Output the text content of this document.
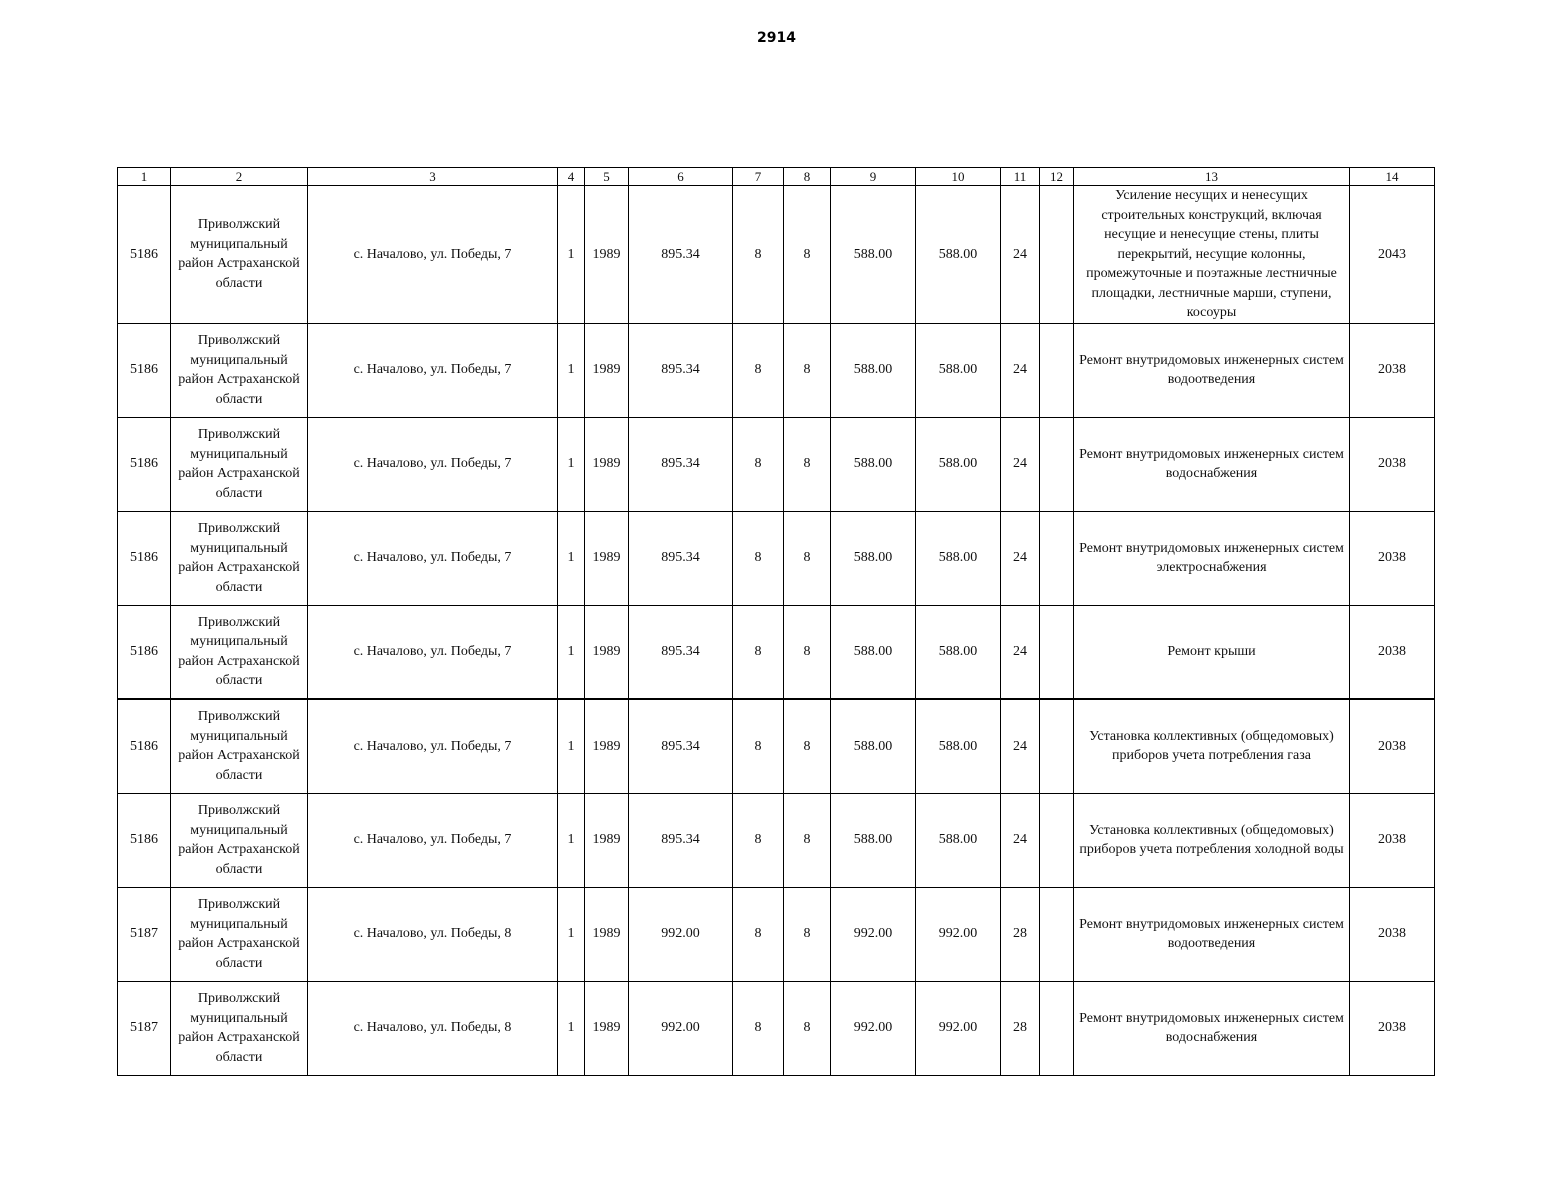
2914
1	2	3	4	5	6	7	8	9	10	11	12	13	14
5186	Приволжский муниципальный район Астраханской области	с. Началово, ул. Победы, 7	1	1989	895.34	8	8	588.00	588.00	24		Усиление несущих и ненесущих строительных конструкций, включая несущие и ненесущие стены, плиты перекрытий, несущие колонны, промежуточные и поэтажные лестничные площадки, лестничные марши, ступени, косоуры	2043
5186	Приволжский муниципальный район Астраханской области	с. Началово, ул. Победы, 7	1	1989	895.34	8	8	588.00	588.00	24		Ремонт внутридомовых инженерных систем водоотведения	2038
5186	Приволжский муниципальный район Астраханской области	с. Началово, ул. Победы, 7	1	1989	895.34	8	8	588.00	588.00	24		Ремонт внутридомовых инженерных систем водоснабжения	2038
5186	Приволжский муниципальный район Астраханской области	с. Началово, ул. Победы, 7	1	1989	895.34	8	8	588.00	588.00	24		Ремонт внутридомовых инженерных систем электроснабжения	2038
5186	Приволжский муниципальный район Астраханской области	с. Началово, ул. Победы, 7	1	1989	895.34	8	8	588.00	588.00	24		Ремонт крыши	2038
5186	Приволжский муниципальный район Астраханской области	с. Началово, ул. Победы, 7	1	1989	895.34	8	8	588.00	588.00	24		Установка коллективных (общедомовых) приборов учета потребления газа	2038
5186	Приволжский муниципальный район Астраханской области	с. Началово, ул. Победы, 7	1	1989	895.34	8	8	588.00	588.00	24		Установка коллективных (общедомовых) приборов учета потребления холодной воды	2038
5187	Приволжский муниципальный район Астраханской области	с. Началово, ул. Победы, 8	1	1989	992.00	8	8	992.00	992.00	28		Ремонт внутридомовых инженерных систем водоотведения	2038
5187	Приволжский муниципальный район Астраханской области	с. Началово, ул. Победы, 8	1	1989	992.00	8	8	992.00	992.00	28		Ремонт внутридомовых инженерных систем водоснабжения	2038
